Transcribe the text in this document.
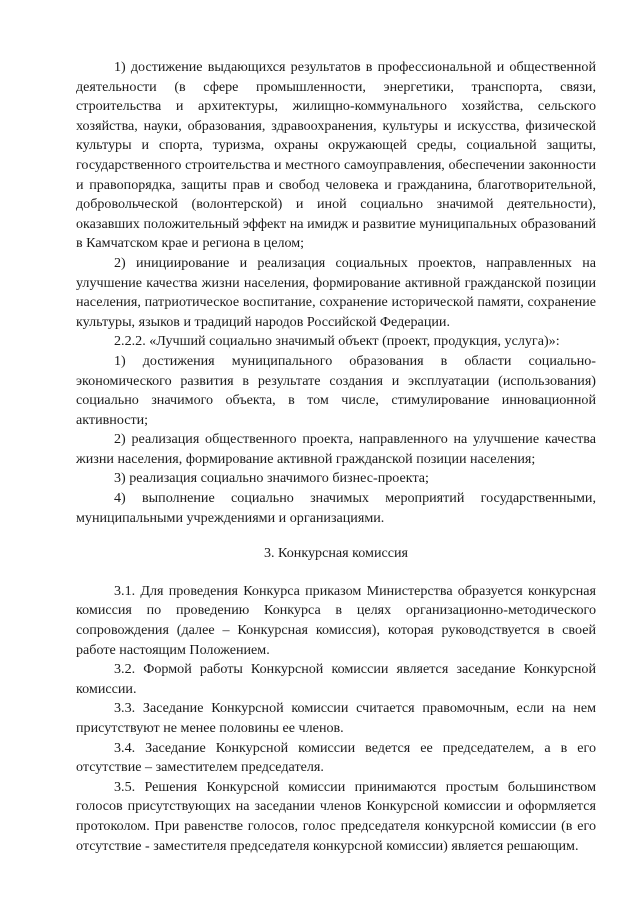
1) достижение выдающихся результатов в профессиональной и общественной деятельности (в сфере промышленности, энергетики, транспорта, связи, строительства и архитектуры, жилищно-коммунального хозяйства, сельского хозяйства, науки, образования, здравоохранения, культуры и искусства, физической культуры и спорта, туризма, охраны окружающей среды, социальной защиты, государственного строительства и местного самоуправления, обеспечении законности и правопорядка, защиты прав и свобод человека и гражданина, благотворительной, добровольческой (волонтерской) и иной социально значимой деятельности), оказавших положительный эффект на имидж и развитие муниципальных образований в Камчатском крае и региона в целом;

2) инициирование и реализация социальных проектов, направленных на улучшение качества жизни населения, формирование активной гражданской позиции населения, патриотическое воспитание, сохранение исторической памяти, сохранение культуры, языков и традиций народов Российской Федерации.

2.2.2. «Лучший социально значимый объект (проект, продукция, услуга)»:

1) достижения муниципального образования в области социально-экономического развития в результате создания и эксплуатации (использования) социально значимого объекта, в том числе, стимулирование инновационной активности;

2) реализация общественного проекта, направленного на улучшение качества жизни населения, формирование активной гражданской позиции населения;

3) реализация социально значимого бизнес-проекта;

4) выполнение социально значимых мероприятий государственными, муниципальными учреждениями и организациями.

3. Конкурсная комиссия

3.1. Для проведения Конкурса приказом Министерства образуется конкурсная комиссия по проведению Конкурса в целях организационно-методического сопровождения (далее – Конкурсная комиссия), которая руководствуется в своей работе настоящим Положением.

3.2. Формой работы Конкурсной комиссии является заседание Конкурсной комиссии.

3.3. Заседание Конкурсной комиссии считается правомочным, если на нем присутствуют не менее половины ее членов.

3.4. Заседание Конкурсной комиссии ведется ее председателем, а в его отсутствие – заместителем председателя.

3.5. Решения Конкурсной комиссии принимаются простым большинством голосов присутствующих на заседании членов Конкурсной комиссии и оформляется протоколом. При равенстве голосов, голос председателя конкурсной комиссии (в его отсутствие - заместителя председателя конкурсной комиссии) является решающим.
